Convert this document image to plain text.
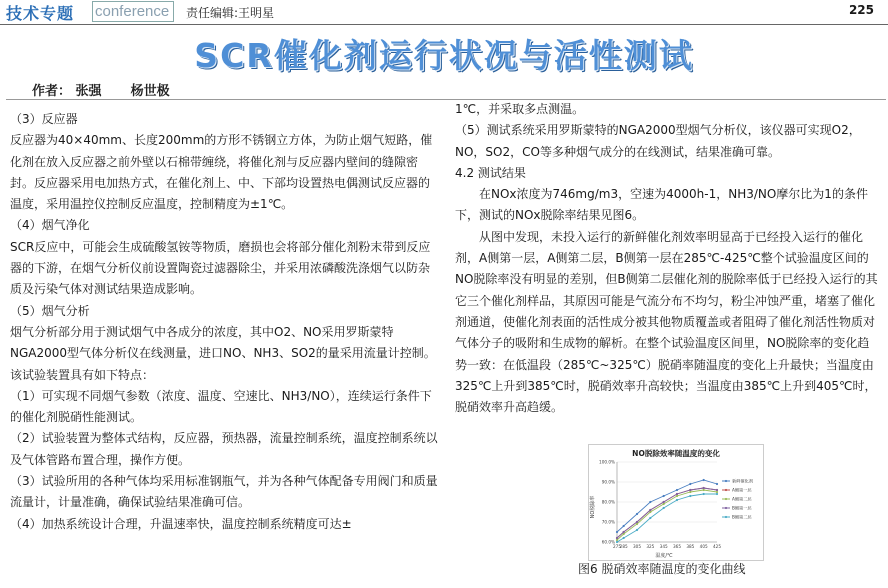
技术专题 conference	责任编辑:王明星	225
SCR催化剂运行状况与活性测试
作者： 张强 杨世极

（3）反应器

反应器为40×40mm、长度200mm的方形不锈钢立方体，为防止烟气短路，催化剂在放入反应器之前外壁以石棉带缠绕，将催化剂与反应器内壁间的缝隙密封。反应器采用电加热方式，在催化剂上、中、下部均设置热电偶测试反应器的温度，采用温控仪控制反应温度，控制精度为±1℃。

（4）烟气净化

SCR反应中，可能会生成硫酸氢铵等物质，磨损也会将部分催化剂粉末带到反应器的下游，在烟气分析仪前设置陶瓷过滤器除尘，并采用浓磷酸洗涤烟气以防杂质及污染气体对测试结果造成影响。

（5）烟气分析

烟气分析部分用于测试烟气中各成分的浓度，其中O2、NO采用罗斯蒙特NGA2000型气体分析仪在线测量，进口NO、NH3、SO2的量采用流量计控制。

该试验装置具有如下特点：

（1）可实现不同烟气参数（浓度、温度、空速比、NH3/NO），连续运行条件下的催化剂脱硝性能测试。

（2）试验装置为整体式结构，反应器，预热器，流量控制系统，温度控制系统以及气体管路布置合理，操作方便。

（3）试验所用的各种气体均采用标准钢瓶气，并为各种气体配备专用阀门和质量流量计，计量准确，确保试验结果准确可信。

（4）加热系统设计合理，升温速率快，温度控制系统精度可达±

1℃，并采取多点测温。

（5）测试系统采用罗斯蒙特的NGA2000型烟气分析仪，该仪器可实现O2，NO，SO2，CO等多种烟气成分的在线测试，结果准确可靠。

4.2 测试结果

在NOx浓度为746mg/m3，空速为4000h-1，NH3/NO摩尔比为1的条件下，测试的NOx脱除率结果见图6。

从图中发现，未投入运行的新鲜催化剂效率明显高于已经投入运行的催化剂，A侧第一层，A侧第二层，B侧第一层在285℃-425℃整个试验温度区间的NO脱除率没有明显的差别，但B侧第二层催化剂的脱除率低于已经投入运行的其它三个催化剂样品，其原因可能是气流分布不均匀，粉尘冲蚀严重，堵塞了催化剂通道，使催化剂表面的活性成分被其他物质覆盖或者阻碍了催化剂活性物质对气体分子的吸附和生成物的解析。在整个试验温度区间里，NO脱除率的变化趋势一致：在低温段（285℃~325℃）脱硝率随温度的变化上升最快；当温度由325℃上升到385℃时，脱硝效率升高较快；当温度由385℃上升到405℃时，脱硝效率升高趋缓。

NO脱除效率随温度的变化
NO脱除率
温度/℃
60.0%
70.0%
80.0%
90.0%
100.0%
275
285 305 325 345 365 385 405 425
新鲜催化剂
A侧第一层
A侧第二层
B侧第一层
B侧第二层
图6 脱硝效率随温度的变化曲线
